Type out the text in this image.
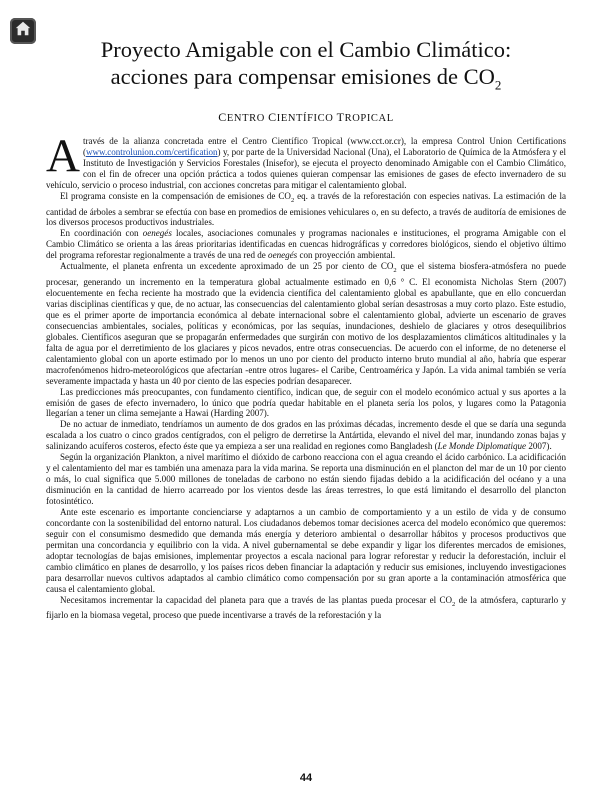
Proyecto Amigable con el Cambio Climático:
acciones para compensar emisiones de $CO_2$
CENTRO CIENTÍFICO TROPICAL

Através de la alianza concretada entre el Centro Científico Tropical (www.cct.or.cr), la empresa Control Union Certifications (www.controlunion.com/certification) y, por parte de la Universidad Nacional (Una), el Laboratorio de Química de la Atmósfera y el Instituto de Investigación y Servicios Forestales (Inisefor), se ejecuta el proyecto denominado Amigable con el Cambio Climático, con el fin de ofrecer una opción práctica a todos quienes quieran compensar las emisiones de gases de efecto invernadero de su vehículo, servicio o proceso industrial, con acciones concretas para mitigar el calentamiento global.

El programa consiste en la compensación de emisiones de $CO_2$ eq. a través de la reforestación con especies nativas. La estimación de la cantidad de árboles a sembrar se efectúa con base en promedios de emisiones vehiculares o, en su defecto, a través de auditoría de emisiones de los diversos procesos productivos industriales.

En coordinación con oenegés locales, asociaciones comunales y programas nacionales e instituciones, el programa Amigable con el Cambio Climático se orienta a las áreas prioritarias identificadas en cuencas hidrográficas y corredores biológicos, siendo el objetivo último del programa reforestar regionalmente a través de una red de oenegés con proyección ambiental.

Actualmente, el planeta enfrenta un excedente aproximado de un 25 por ciento de $CO_2$ que el sistema biosfera-atmósfera no puede procesar, generando un incremento en la temperatura global actualmente estimado en 0,6 ° C. El economista Nicholas Stern (2007) elocuentemente en fecha reciente ha mostrado que la evidencia científica del calentamiento global es apabullante, que en ello concuerdan varias disciplinas científicas y que, de no actuar, las consecuencias del calentamiento global serían desastrosas a muy corto plazo. Este estudio, que es el primer aporte de importancia económica al debate internacional sobre el calentamiento global, advierte un escenario de graves consecuencias ambientales, sociales, políticas y económicas, por las sequías, inundaciones, deshielo de glaciares y otros desequilibrios globales. Científicos aseguran que se propagarán enfermedades que surgirán con motivo de los desplazamientos climáticos altitudinales y la falta de agua por el derretimiento de los glaciares y picos nevados, entre otras consecuencias. De acuerdo con el informe, de no detenerse el calentamiento global con un aporte estimado por lo menos un uno por ciento del producto interno bruto mundial al año, habría que esperar macrofenómenos hidro-meteorológicos que afectarían -entre otros lugares- el Caribe, Centroamérica y Japón. La vida animal también se vería severamente impactada y hasta un 40 por ciento de las especies podrían desaparecer.

Las predicciones más preocupantes, con fundamento científico, indican que, de seguir con el modelo económico actual y sus aportes a la emisión de gases de efecto invernadero, lo único que podría quedar habitable en el planeta sería los polos, y lugares como la Patagonia llegarían a tener un clima semejante a Hawai (Harding 2007).

De no actuar de inmediato, tendríamos un aumento de dos grados en las próximas décadas, incremento desde el que se daría una segunda escalada a los cuatro o cinco grados centígrados, con el peligro de derretirse la Antártida, elevando el nivel del mar, inundando zonas bajas y salinizando acuíferos costeros, efecto éste que ya empieza a ser una realidad en regiones como Bangladesh (Le Monde Diplomatique 2007).

Según la organización Plankton, a nivel marítimo el dióxido de carbono reacciona con el agua creando el ácido carbónico. La acidificación y el calentamiento del mar es también una amenaza para la vida marina. Se reporta una disminución en el plancton del mar de un 10 por ciento o más, lo cual significa que 5.000 millones de toneladas de carbono no están siendo fijadas debido a la acidificación del océano y a una disminución en la cantidad de hierro acarreado por los vientos desde las áreas terrestres, lo que está limitando el desarrollo del plancton fotosintético.

Ante este escenario es importante concienciarse y adaptarnos a un cambio de comportamiento y a un estilo de vida y de consumo concordante con la sostenibilidad del entorno natural. Los ciudadanos debemos tomar decisiones acerca del modelo económico que queremos: seguir con el consumismo desmedido que demanda más energía y deterioro ambiental o desarrollar hábitos y procesos productivos que permitan una concordancia y equilibrio con la vida. A nivel gubernamental se debe expandir y ligar los diferentes mercados de emisiones, adoptar tecnologías de bajas emisiones, implementar proyectos a escala nacional para lograr reforestar y reducir la deforestación, incluir el cambio climático en planes de desarrollo, y los países ricos deben financiar la adaptación y reducir sus emisiones, incluyendo investigaciones para desarrollar nuevos cultivos adaptados al cambio climático como compensación por su gran aporte a la contaminación atmosférica que causa el calentamiento global.

Necesitamos incrementar la capacidad del planeta para que a través de las plantas pueda procesar el $CO_2$ de la atmósfera, capturarlo y fijarlo en la biomasa vegetal, proceso que puede incentivarse a través de la reforestación y la

44
